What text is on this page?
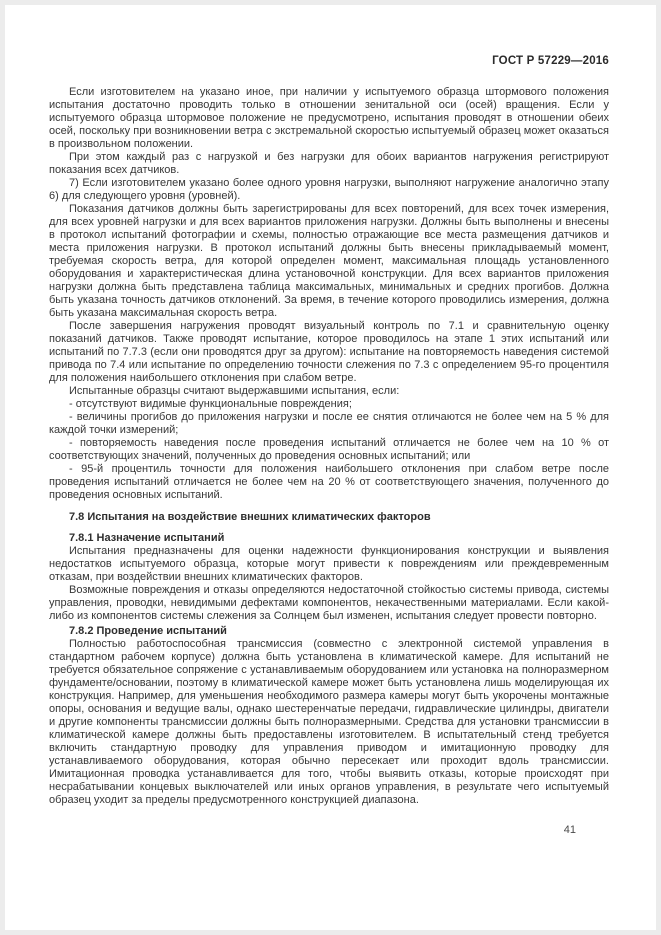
ГОСТ Р 57229—2016

Если изготовителем на указано иное, при наличии у испытуемого образца штормового положения испытания достаточно проводить только в отношении зенитальной оси (осей) вращения. Если у испытуемого образца штормовое положение не предусмотрено, испытания проводят в отношении обеих осей, поскольку при возникновении ветра с экстремальной скоростью испытуемый образец может оказаться в произвольном положении.

При этом каждый раз с нагрузкой и без нагрузки для обоих вариантов нагружения регистрируют показания всех датчиков.

7) Если изготовителем указано более одного уровня нагрузки, выполняют нагружение аналогично этапу 6) для следующего уровня (уровней).

Показания датчиков должны быть зарегистрированы для всех повторений, для всех точек измерения, для всех уровней нагрузки и для всех вариантов приложения нагрузки. Должны быть выполнены и внесены в протокол испытаний фотографии и схемы, полностью отражающие все места размещения датчиков и места приложения нагрузки. В протокол испытаний должны быть внесены прикладываемый момент, требуемая скорость ветра, для которой определен момент, максимальная площадь установленного оборудования и характеристическая длина установочной конструкции. Для всех вариантов приложения нагрузки должна быть представлена таблица максимальных, минимальных и средних прогибов. Должна быть указана точность датчиков отклонений. За время, в течение которого проводились измерения, должна быть указана максимальная скорость ветра.

После завершения нагружения проводят визуальный контроль по 7.1 и сравнительную оценку показаний датчиков. Также проводят испытание, которое проводилось на этапе 1 этих испытаний или испытаний по 7.7.3 (если они проводятся друг за другом): испытание на повторяемость наведения системой привода по 7.4 или испытание по определению точности слежения по 7.3 с определением 95-го процентиля для положения наибольшего отклонения при слабом ветре.

Испытанные образцы считают выдержавшими испытания, если:

- отсутствуют видимые функциональные повреждения;

- величины прогибов до приложения нагрузки и после ее снятия отличаются не более чем на 5 % для каждой точки измерений;

- повторяемость наведения после проведения испытаний отличается не более чем на 10 % от соответствующих значений, полученных до проведения основных испытаний; или

- 95-й процентиль точности для положения наибольшего отклонения при слабом ветре после проведения испытаний отличается не более чем на 20 % от соответствующего значения, полученного до проведения основных испытаний.

7.8 Испытания на воздействие внешних климатических факторов
7.8.1 Назначение испытаний

Испытания предназначены для оценки надежности функционирования конструкции и выявления недостатков испытуемого образца, которые могут привести к повреждениям или преждевременным отказам, при воздействии внешних климатических факторов.

Возможные повреждения и отказы определяются недостаточной стойкостью системы привода, системы управления, проводки, невидимыми дефектами компонентов, некачественными материалами. Если какой-либо из компонентов системы слежения за Солнцем был изменен, испытания следует провести повторно.

7.8.2 Проведение испытаний

Полностью работоспособная трансмиссия (совместно с электронной системой управления в стандартном рабочем корпусе) должна быть установлена в климатической камере. Для испытаний не требуется обязательное сопряжение с устанавливаемым оборудованием или установка на полноразмерном фундаменте/основании, поэтому в климатической камере может быть установлена лишь моделирующая их конструкция. Например, для уменьшения необходимого размера камеры могут быть укорочены монтажные опоры, основания и ведущие валы, однако шестеренчатые передачи, гидравлические цилиндры, двигатели и другие компоненты трансмиссии должны быть полноразмерными. Средства для установки трансмиссии в климатической камере должны быть предоставлены изготовителем. В испытательный стенд требуется включить стандартную проводку для управления приводом и имитационную проводку для устанавливаемого оборудования, которая обычно пересекает или проходит вдоль трансмиссии. Имитационная проводка устанавливается для того, чтобы выявить отказы, которые происходят при несрабатывании концевых выключателей или иных органов управления, в результате чего испытуемый образец уходит за пределы предусмотренного конструкцией диапазона.

41
